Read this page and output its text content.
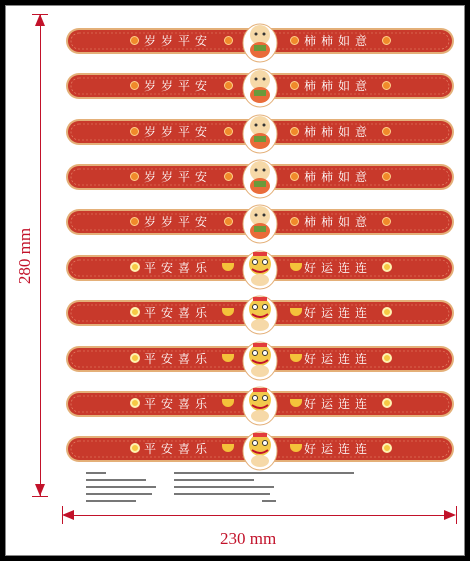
岁岁平安	柿柿如意
岁岁平安	柿柿如意
岁岁平安	柿柿如意
岁岁平安	柿柿如意
岁岁平安	柿柿如意
平安喜乐	好运连连
平安喜乐	好运连连
平安喜乐	好运连连
平安喜乐	好运连连
平安喜乐	好运连连
280 mm
230 mm
